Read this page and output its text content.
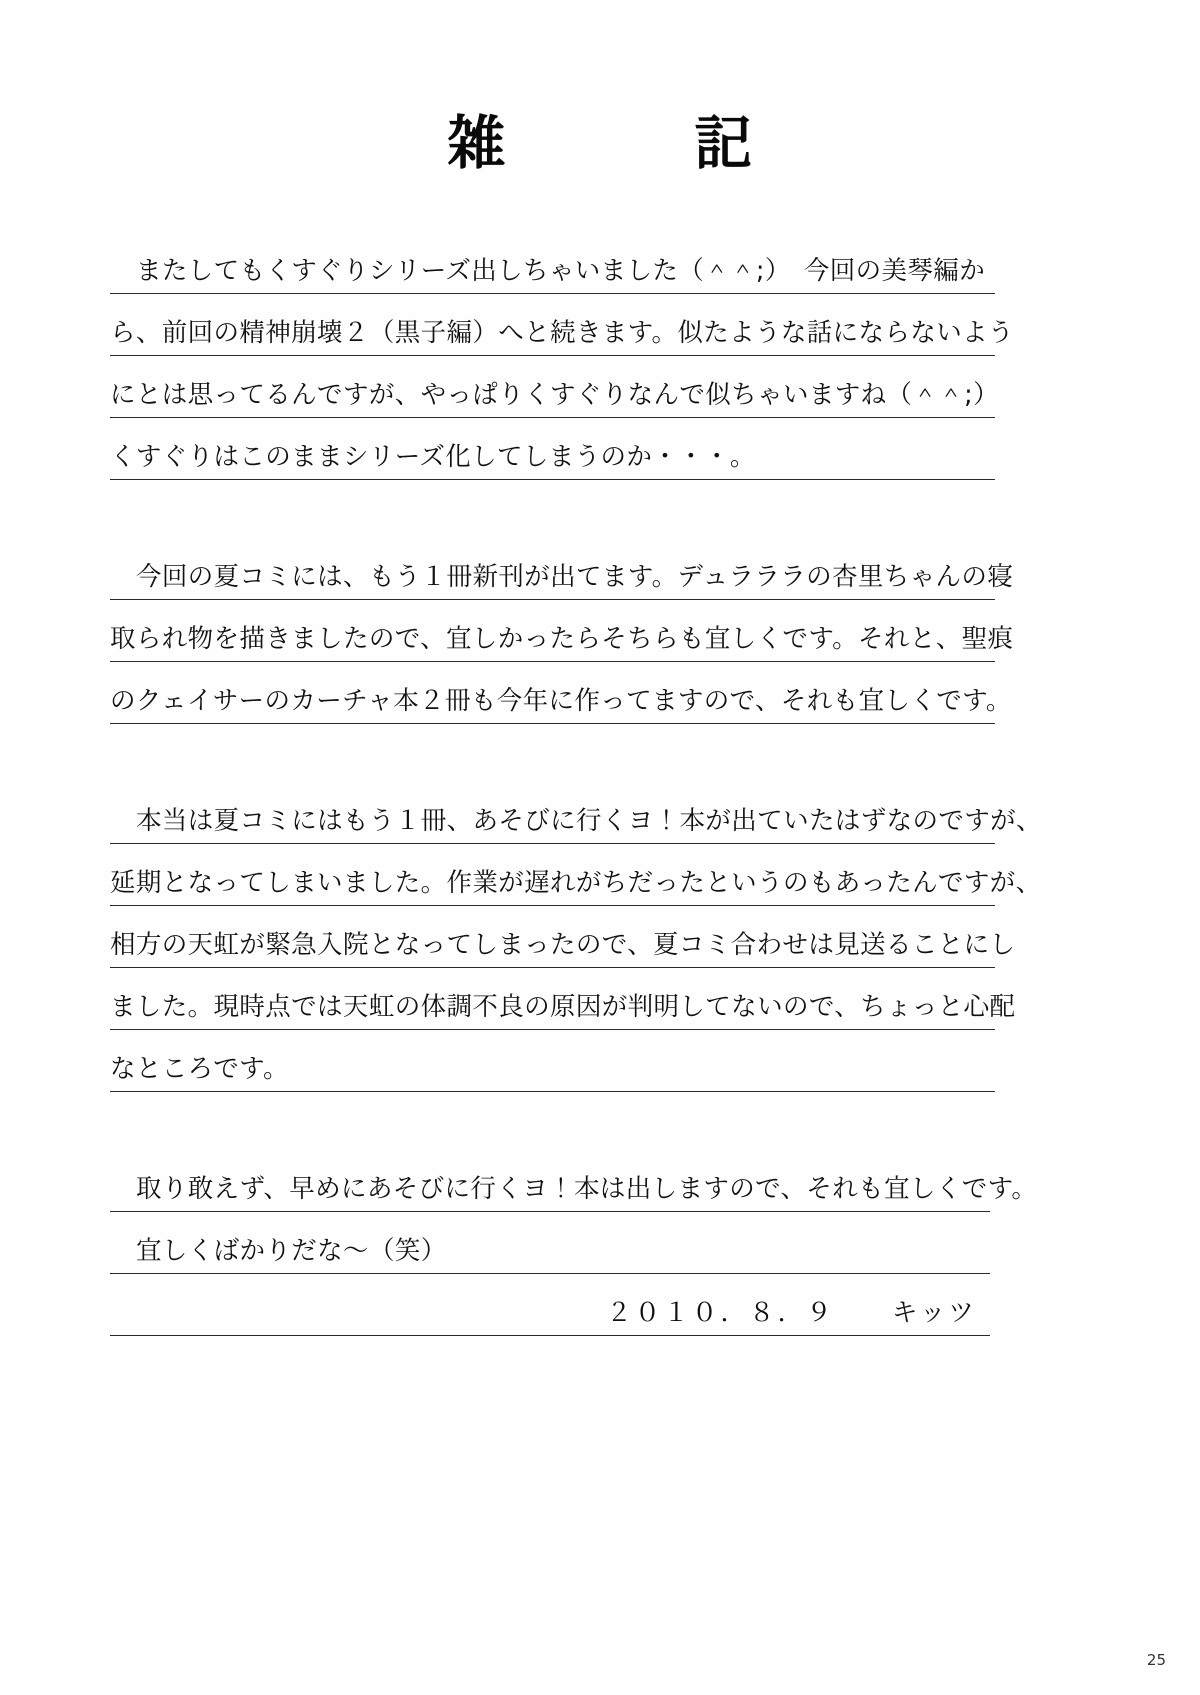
雑　　記
またしてもくすぐりシリーズ出しちゃいました（＾＾;）　今回の美琴編か
ら、前回の精神崩壊２（黒子編）へと続きます。似たような話にならないよう
にとは思ってるんですが、やっぱりくすぐりなんで似ちゃいますね（＾＾;）
くすぐりはこのままシリーズ化してしまうのか・・・。
今回の夏コミには、もう１冊新刊が出てます。デュラララの杏里ちゃんの寝
取られ物を描きましたので、宜しかったらそちらも宜しくです。それと、聖痕
のクェイサーのカーチャ本２冊も今年に作ってますので、それも宜しくです。
本当は夏コミにはもう１冊、あそびに行くヨ！本が出ていたはずなのですが、
延期となってしまいました。作業が遅れがちだったというのもあったんですが、
相方の天虹が緊急入院となってしまったので、夏コミ合わせは見送ることにし
ました。現時点では天虹の体調不良の原因が判明してないので、ちょっと心配
なところです。
取り敢えず、早めにあそびに行くヨ！本は出しますので、それも宜しくです。
宜しくばかりだな〜（笑）
２０１０．８．９　　キッツ
25
